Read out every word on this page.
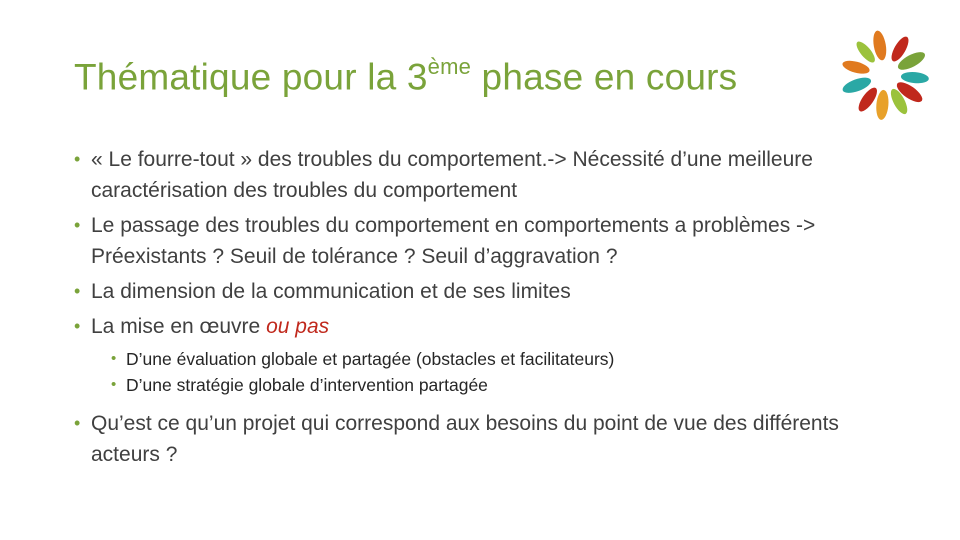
Thématique pour la 3ème phase en cours
• « Le fourre-tout » des troubles du comportement.-> Nécessité d’une meilleure caractérisation des troubles du comportement
• Le passage des troubles du comportement en comportements a problèmes -> Préexistants ? Seuil de tolérance ? Seuil d’aggravation ?
• La dimension de la communication et de ses limites
• La mise en œuvre ou pas
• D’une évaluation globale et partagée (obstacles et facilitateurs)
• D’une stratégie globale d’intervention partagée
• Qu’est ce qu’un projet qui correspond aux besoins du point de vue des différents acteurs ?
